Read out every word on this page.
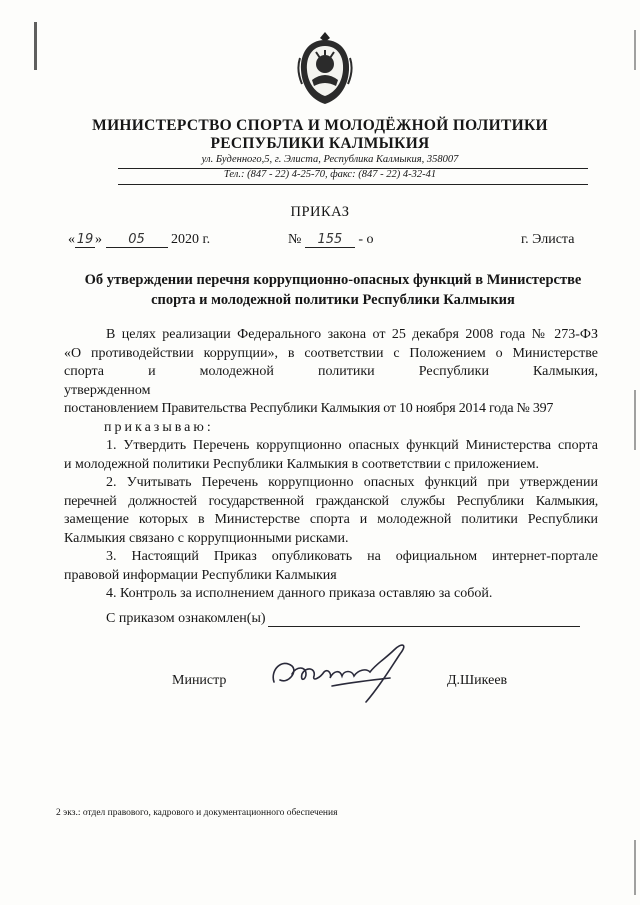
МИНИСТЕРСТВО СПОРТА И МОЛОДЁЖНОЙ ПОЛИТИКИ
РЕСПУБЛИКИ КАЛМЫКИЯ
ул. Буденного,5, г. Элиста, Республика Калмыкия, 358007
Тел.: (847 - 22) 4-25-70, факс: (847 - 22) 4-32-41
ПРИКАЗ
« 19 » 05 2020 г.	№ 155 - о	г. Элиста
Об утверждении перечня коррупционно-опасных функций в Министерстве
спорта и молодежной политики Республики Калмыкия

В целях реализации Федерального закона от 25 декабря 2008 года № 273-ФЗ

«О противодействии коррупции», в соответствии с Положением о Министерстве

спорта и молодежной политики Республики Калмыкия, утвержденном

постановлением Правительства Республики Калмыкия от 10 ноября 2014 года № 397

приказываю:

1. Утвердить Перечень коррупционно опасных функций Министерства спорта

и молодежной политики Республики Калмыкия в соответствии с приложением.

2. Учитывать Перечень коррупционно опасных функций при утверждении

перечней должностей государственной гражданской службы Республики Калмыкия,

замещение которых в Министерстве спорта и молодежной политики Республики

Калмыкия связано с коррупционными рисками.

3. Настоящий Приказ опубликовать на официальном интернет-портале

правовой информации Республики Калмыкия

4. Контроль за исполнением данного приказа оставляю за собой.

С приказом ознакомлен(ы)
Министр	Д.Шикеев
2 экз.: отдел правового, кадрового и документационного обеспечения
